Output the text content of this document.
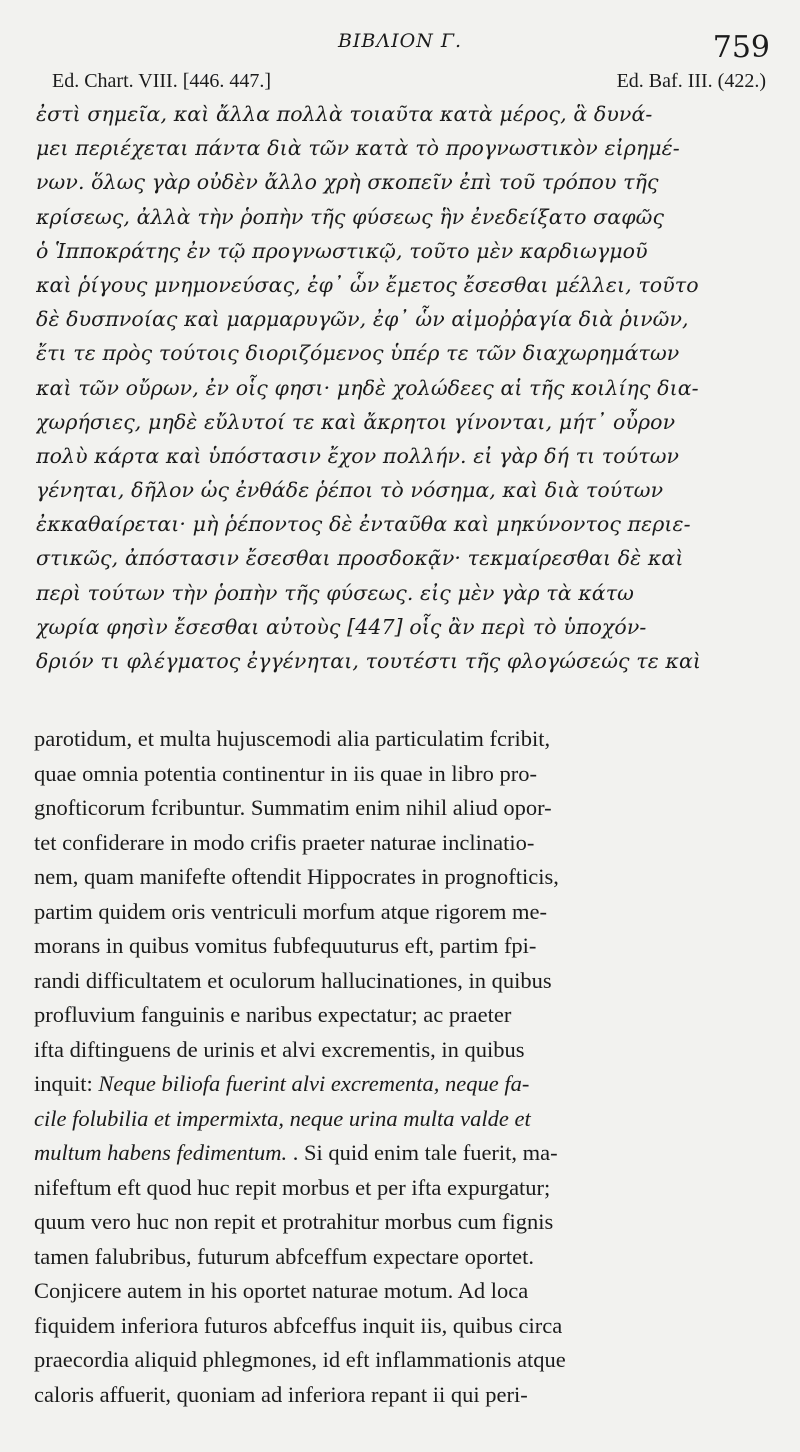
ΒΙΒΛΙΟΝ Γ.	759
Ed. Chart. VIII. [446. 447.]	Ed. Baf. III. (422.)
ἐστὶ σημεῖα, καὶ ἄλλα πολλὰ τοιαῦτα κατὰ μέρος, ἃ δυνά-
μει περιέχεται πάντα διὰ τῶν κατὰ τὸ προγνωστικὸν εἰρημέ-
νων. ὅλως γὰρ οὐδὲν ἄλλο χρὴ σκοπεῖν ἐπὶ τοῦ τρόπου τῆς
κρίσεως, ἀλλὰ τὴν ῥοπὴν τῆς φύσεως ἣν ἐνεδείξατο σαφῶς
ὁ Ἱπποκράτης ἐν τῷ προγνωστικῷ, τοῦτο μὲν καρδιωγμοῦ
καὶ ῥίγους μνημονεύσας, ἐφ᾽ ὧν ἔμετος ἔσεσθαι μέλλει, τοῦτο
δὲ δυσπνοίας καὶ μαρμαρυγῶν, ἐφ᾽ ὧν αἱμοῤῥαγία διὰ ῥινῶν,
ἔτι τε πρὸς τούτοις διοριζόμενος ὑπέρ τε τῶν διαχωρημάτων
καὶ τῶν οὔρων, ἐν οἷς φησι· μηδὲ χολώδεες αἱ τῆς κοιλίης δια-
χωρήσιες, μηδὲ εὔλυτοί τε καὶ ἄκρητοι γίνονται, μήτ᾽ οὖρον
πολὺ κάρτα καὶ ὑπόστασιν ἔχον πολλήν. εἰ γὰρ δή τι τούτων
γένηται, δῆλον ὡς ἐνθάδε ῥέποι τὸ νόσημα, καὶ διὰ τούτων
ἐκκαθαίρεται· μὴ ῥέποντος δὲ ἐνταῦθα καὶ μηκύνοντος περιε-
στικῶς, ἀπόστασιν ἔσεσθαι προσδοκᾷν· τεκμαίρεσθαι δὲ καὶ
περὶ τούτων τὴν ῥοπὴν τῆς φύσεως. εἰς μὲν γὰρ τὰ κάτω
χωρία φησὶν ἔσεσθαι αὐτοὺς [447] οἷς ἂν περὶ τὸ ὑποχόν-
δριόν τι φλέγματος ἐγγένηται, τουτέστι τῆς φλογώσεώς τε καὶ
parotidum, et multa hujuscemodi alia particulatim fcribit,
quae omnia potentia continentur in iis quae in libro pro-
gnofticorum fcribuntur. Summatim enim nihil aliud opor-
tet confiderare in modo crifis praeter naturae inclinatio-
nem, quam manifefte oftendit Hippocrates in prognofticis,
partim quidem oris ventriculi morfum atque rigorem me-
morans in quibus vomitus fubfequuturus eft, partim fpi-
randi difficultatem et oculorum hallucinationes, in quibus
profluvium fanguinis e naribus expectatur; ac praeter
ifta diftinguens de urinis et alvi excrementis, in quibus
inquit: Neque biliofa fuerint alvi excrementa, neque fa-
cile folubilia et impermixta, neque urina multa valde et
multum habens fedimentum. . Si quid enim tale fuerit, ma-
nifeftum eft quod huc repit morbus et per ifta expurgatur;
quum vero huc non repit et protrahitur morbus cum fignis
tamen falubribus, futurum abfceffum expectare oportet.
Conjicere autem in his oportet naturae motum. Ad loca
fiquidem inferiora futuros abfceffus inquit iis, quibus circa
praecordia aliquid phlegmones, id eft inflammationis atque
caloris affuerit, quoniam ad inferiora repant ii qui peri-
